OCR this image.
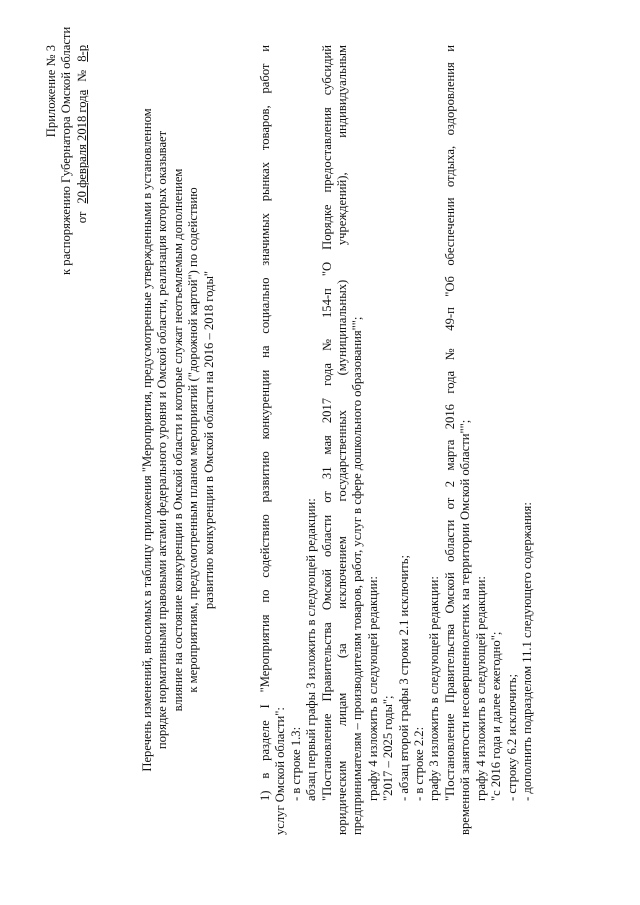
Приложение № 3 к распоряжению Губернатора Омской области от
20 февраля 2018 года
№
8-р
Перечень изменений, вносимых в таблицу приложения "Мероприятия, предусмотренные утвержденными в установленном порядке нормативными правовыми актами федерального уровня и Омской области, реализация которых оказывает влияние на состояние конкуренции в Омской области и которые служат неотъемлемым дополнением к мероприятиям, предусмотренным планом мероприятий ("дорожной картой") по содействию развитию конкуренции в Омской области на 2016 – 2018 годы"	1) в разделе I "Мероприятия по содействию развитию конкуренции на социально значимых рынках товаров, работ и услуг Омской области": - в строке 1.3: абзац первый графы 3 изложить в следующей редакции: "Постановление Правительства Омской области от 31 мая 2017 года № 154-п "О Порядке предоставления субсидий юридическим лицам (за исключением государственных (муниципальных) учреждений), индивидуальным предпринимателям – производителям товаров, работ, услуг в сфере дошкольного образования""; графу 4 изложить в следующей редакции: "2017 – 2025 годы"; - абзац второй графы 3 строки 2.1 исключить; - в строке 2.2: графу 3 изложить в следующей редакции: "Постановление Правительства Омской области от 2 марта 2016 года № 49-п "Об обеспечении отдыха, оздоровления и временной занятости несовершеннолетних на территории Омской области""; графу 4 изложить в следующей редакции: "с 2016 года и далее ежегодно"; - строку 6.2 исключить; - дополнить подразделом 11.1 следующего содержания:
